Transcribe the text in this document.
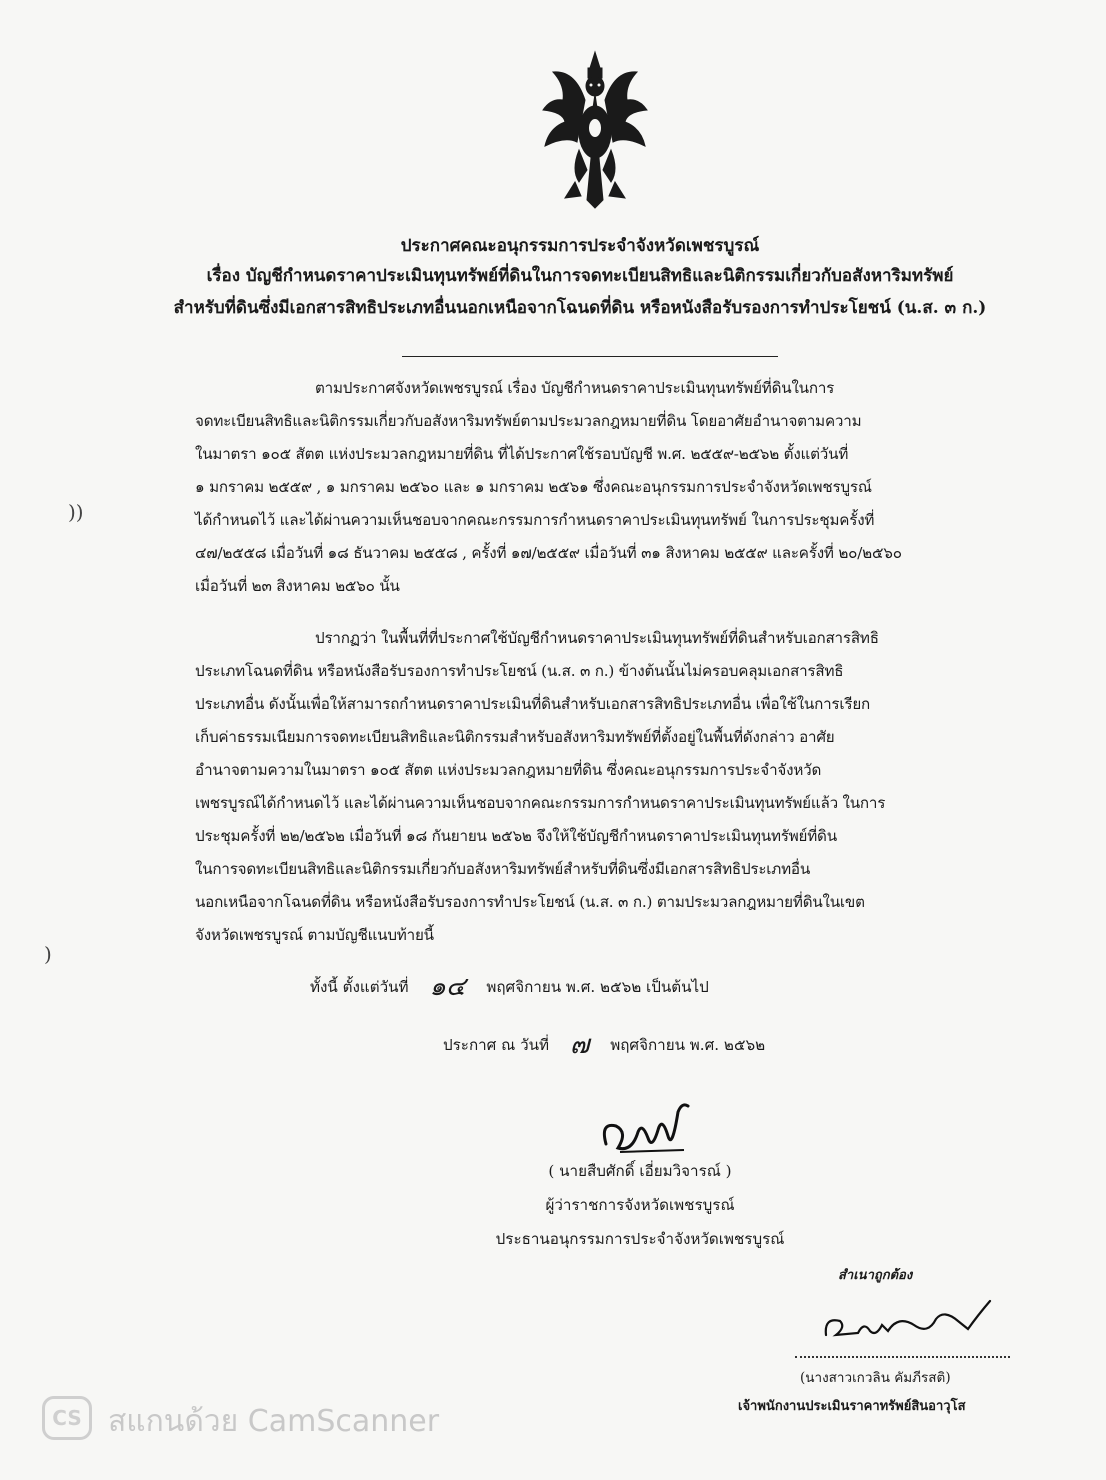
ประกาศคณะอนุกรรมการประจำจังหวัดเพชรบูรณ์
เรื่อง บัญชีกำหนดราคาประเมินทุนทรัพย์ที่ดินในการจดทะเบียนสิทธิและนิติกรรมเกี่ยวกับอสังหาริมทรัพย์
สำหรับที่ดินซึ่งมีเอกสารสิทธิประเภทอื่นนอกเหนือจากโฉนดที่ดิน หรือหนังสือรับรองการทำประโยชน์ (น.ส. ๓ ก.)
ตามประกาศจังหวัดเพชรบูรณ์ เรื่อง บัญชีกำหนดราคาประเมินทุนทรัพย์ที่ดินในการ
จดทะเบียนสิทธิและนิติกรรมเกี่ยวกับอสังหาริมทรัพย์ตามประมวลกฎหมายที่ดิน โดยอาศัยอำนาจตามความ
ในมาตรา ๑๐๕ สัตต แห่งประมวลกฎหมายที่ดิน ที่ได้ประกาศใช้รอบบัญชี พ.ศ. ๒๕๕๙-๒๕๖๒ ตั้งแต่วันที่
๑ มกราคม ๒๕๕๙ , ๑ มกราคม ๒๕๖๐ และ ๑ มกราคม ๒๕๖๑ ซึ่งคณะอนุกรรมการประจำจังหวัดเพชรบูรณ์
ได้กำหนดไว้ และได้ผ่านความเห็นชอบจากคณะกรรมการกำหนดราคาประเมินทุนทรัพย์ ในการประชุมครั้งที่
๔๗/๒๕๕๘ เมื่อวันที่ ๑๘ ธันวาคม ๒๕๕๘ , ครั้งที่ ๑๗/๒๕๕๙ เมื่อวันที่ ๓๑ สิงหาคม ๒๕๕๙ และครั้งที่ ๒๐/๒๕๖๐
เมื่อวันที่ ๒๓ สิงหาคม ๒๕๖๐ นั้น
ปรากฏว่า ในพื้นที่ที่ประกาศใช้บัญชีกำหนดราคาประเมินทุนทรัพย์ที่ดินสำหรับเอกสารสิทธิ
ประเภทโฉนดที่ดิน หรือหนังสือรับรองการทำประโยชน์ (น.ส. ๓ ก.) ข้างต้นนั้นไม่ครอบคลุมเอกสารสิทธิ
ประเภทอื่น ดังนั้นเพื่อให้สามารถกำหนดราคาประเมินที่ดินสำหรับเอกสารสิทธิประเภทอื่น เพื่อใช้ในการเรียก
เก็บค่าธรรมเนียมการจดทะเบียนสิทธิและนิติกรรมสำหรับอสังหาริมทรัพย์ที่ตั้งอยู่ในพื้นที่ดังกล่าว อาศัย
อำนาจตามความในมาตรา ๑๐๕ สัตต แห่งประมวลกฎหมายที่ดิน ซึ่งคณะอนุกรรมการประจำจังหวัด
เพชรบูรณ์ได้กำหนดไว้ และได้ผ่านความเห็นชอบจากคณะกรรมการกำหนดราคาประเมินทุนทรัพย์แล้ว ในการ
ประชุมครั้งที่ ๒๒/๒๕๖๒ เมื่อวันที่ ๑๘ กันยายน ๒๕๖๒ จึงให้ใช้บัญชีกำหนดราคาประเมินทุนทรัพย์ที่ดิน
ในการจดทะเบียนสิทธิและนิติกรรมเกี่ยวกับอสังหาริมทรัพย์สำหรับที่ดินซึ่งมีเอกสารสิทธิประเภทอื่น
นอกเหนือจากโฉนดที่ดิน หรือหนังสือรับรองการทำประโยชน์ (น.ส. ๓ ก.) ตามประมวลกฎหมายที่ดินในเขต
จังหวัดเพชรบูรณ์ ตามบัญชีแนบท้ายนี้
ทั้งนี้ ตั้งแต่วันที่ ๑๔ พฤศจิกายน พ.ศ. ๒๕๖๒ เป็นต้นไป
ประกาศ ณ วันที่ ๗ พฤศจิกายน พ.ศ. ๒๕๖๒
( นายสืบศักดิ์ เอี่ยมวิจารณ์ )
ผู้ว่าราชการจังหวัดเพชรบูรณ์
ประธานอนุกรรมการประจำจังหวัดเพชรบูรณ์
สำเนาถูกต้อง
(นางสาวเกวลิน คัมภีรสติ)
เจ้าพนักงานประเมินราคาทรัพย์สินอาวุโส
))
)
CS สแกนด้วย CamScanner
